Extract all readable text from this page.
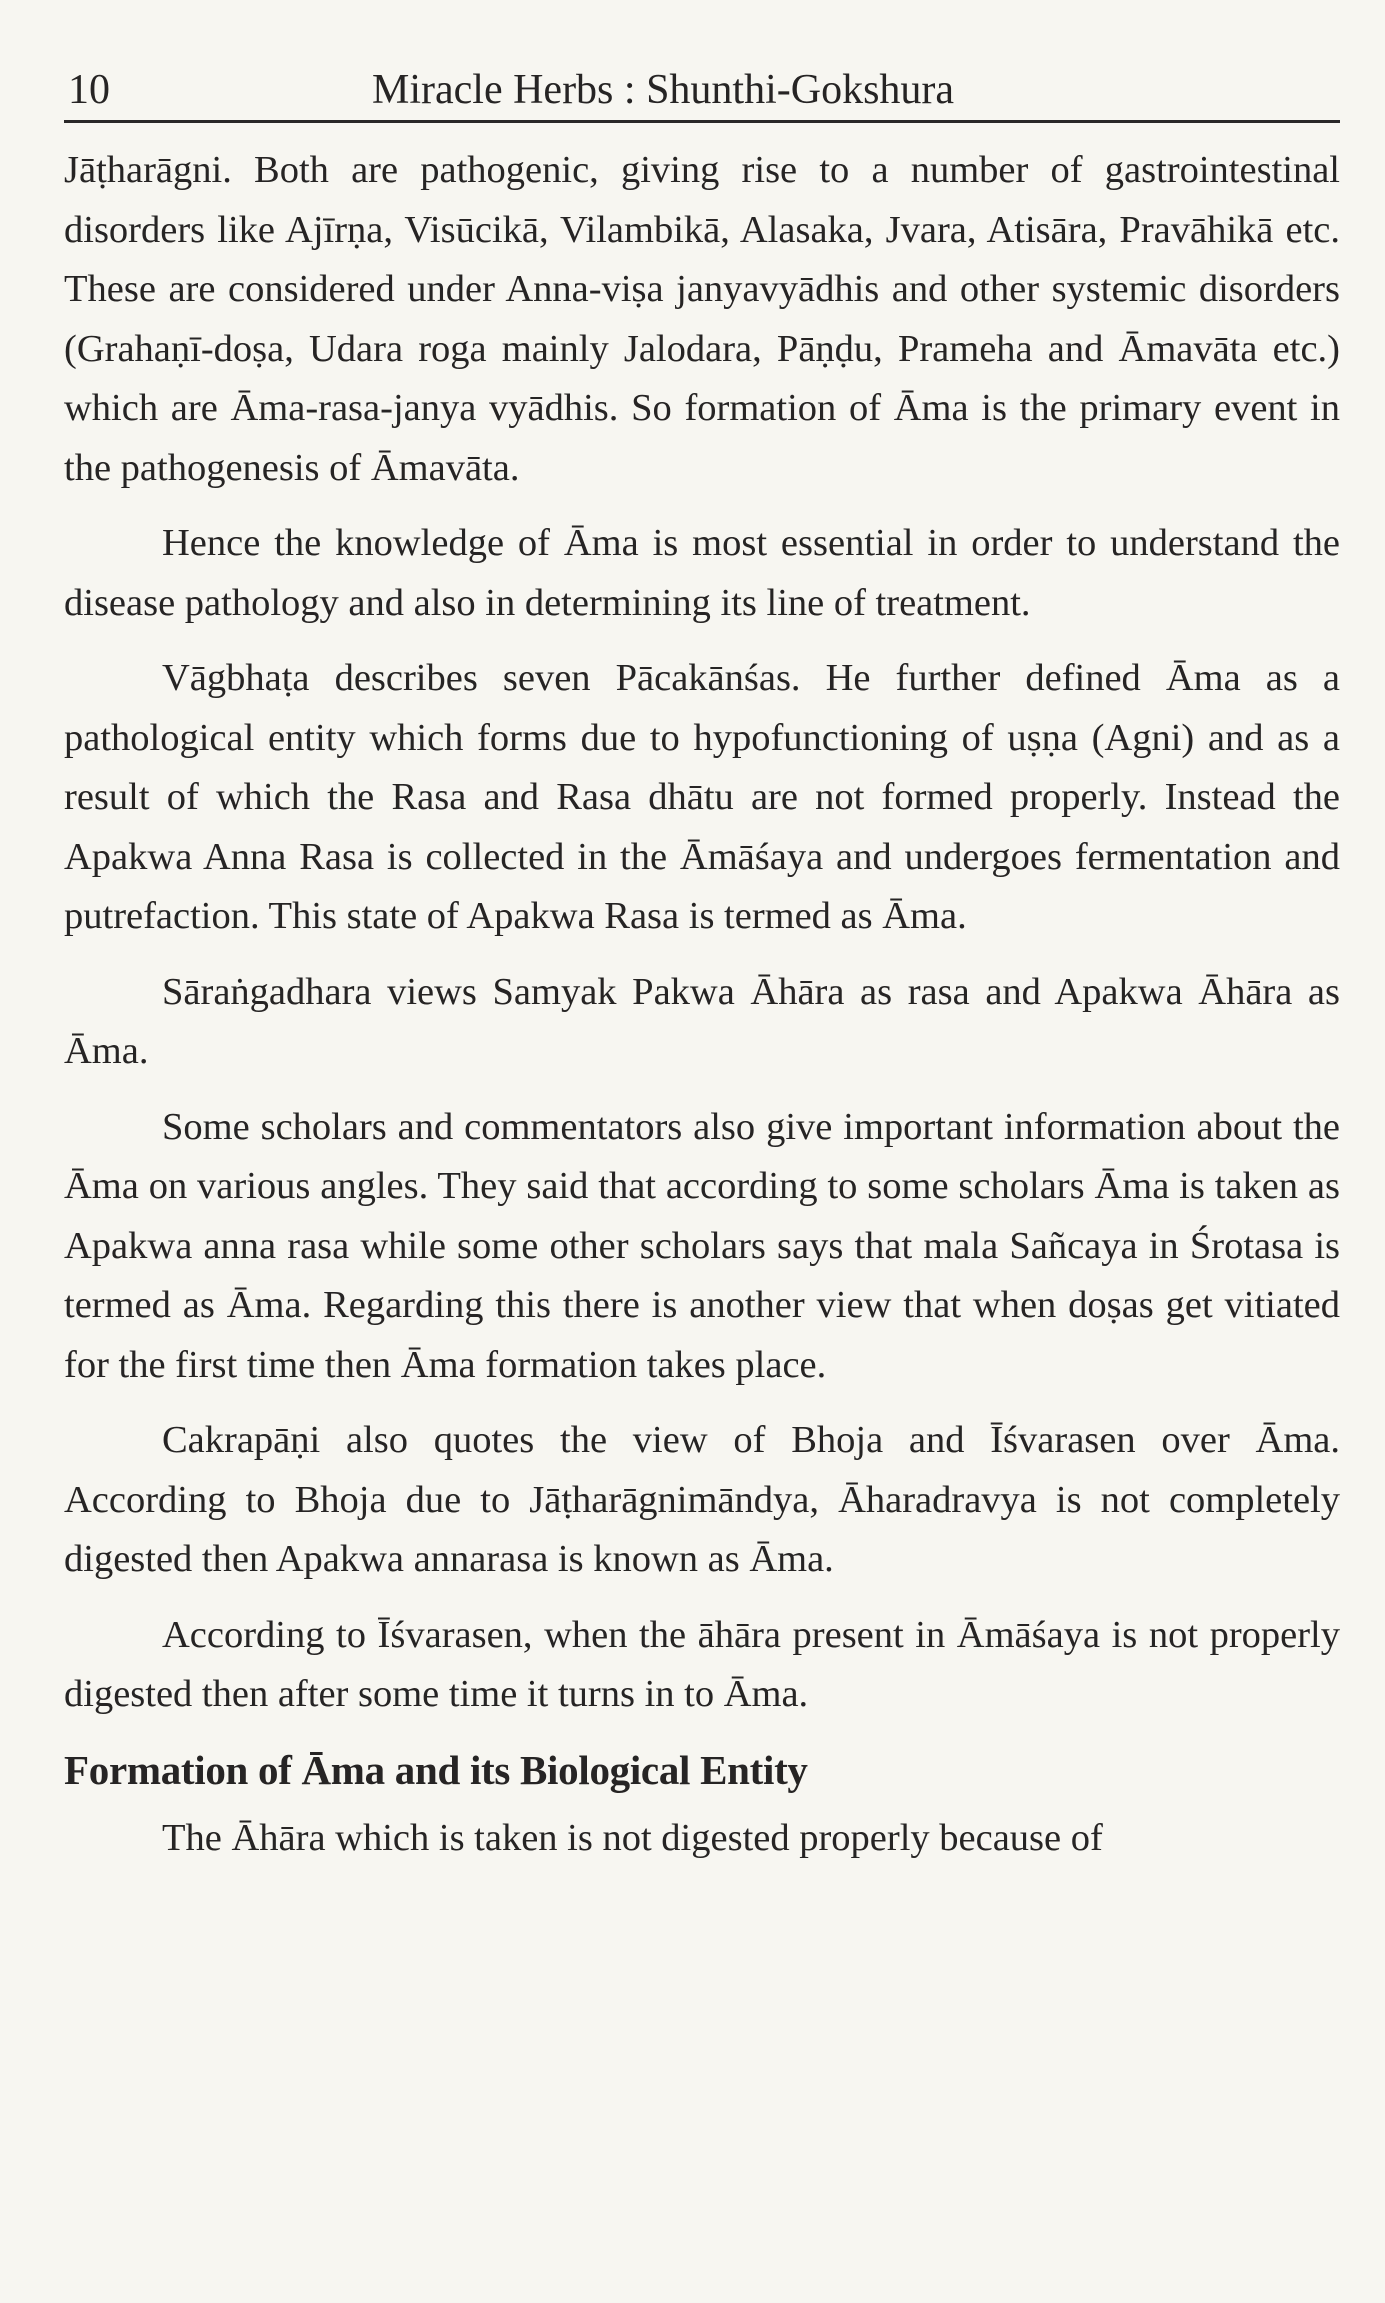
10	Miracle Herbs : Shunthi-Gokshura

Jāṭharāgni. Both are pathogenic, giving rise to a number of gastrointestinal disorders like Ajīrṇa, Visūcikā, Vilambikā, Alasaka, Jvara, Atisāra, Pravāhikā etc. These are considered under Anna-viṣa janyavyādhis and other systemic disorders (Grahaṇī-doṣa, Udara roga mainly Jalodara, Pāṇḍu, Prameha and Āmavāta etc.) which are Āma-rasa-janya vyādhis. So formation of Āma is the primary event in the pathogenesis of Āmavāta.

Hence the knowledge of Āma is most essential in order to understand the disease pathology and also in determining its line of treatment.

Vāgbhaṭa describes seven Pācakānśas. He further defined Āma as a pathological entity which forms due to hypofunctioning of uṣṇa (Agni) and as a result of which the Rasa and Rasa dhātu are not formed properly. Instead the Apakwa Anna Rasa is collected in the Āmāśaya and undergoes fermentation and putrefaction. This state of Apakwa Rasa is termed as Āma.

Sāraṅgadhara views Samyak Pakwa Āhāra as rasa and Apakwa Āhāra as Āma.

Some scholars and commentators also give important information about the Āma on various angles. They said that according to some scholars Āma is taken as Apakwa anna rasa while some other scholars says that mala Sañcaya in Śrotasa is termed as Āma. Regarding this there is another view that when doṣas get vitiated for the first time then Āma formation takes place.

Cakrapāṇi also quotes the view of Bhoja and Īśvarasen over Āma. According to Bhoja due to Jāṭharāgnimāndya, Āharadravya is not completely digested then Apakwa annarasa is known as Āma.

According to Īśvarasen, when the āhāra present in Āmāśaya is not properly digested then after some time it turns in to Āma.

Formation of Āma and its Biological Entity

The Āhāra which is taken is not digested properly because of
